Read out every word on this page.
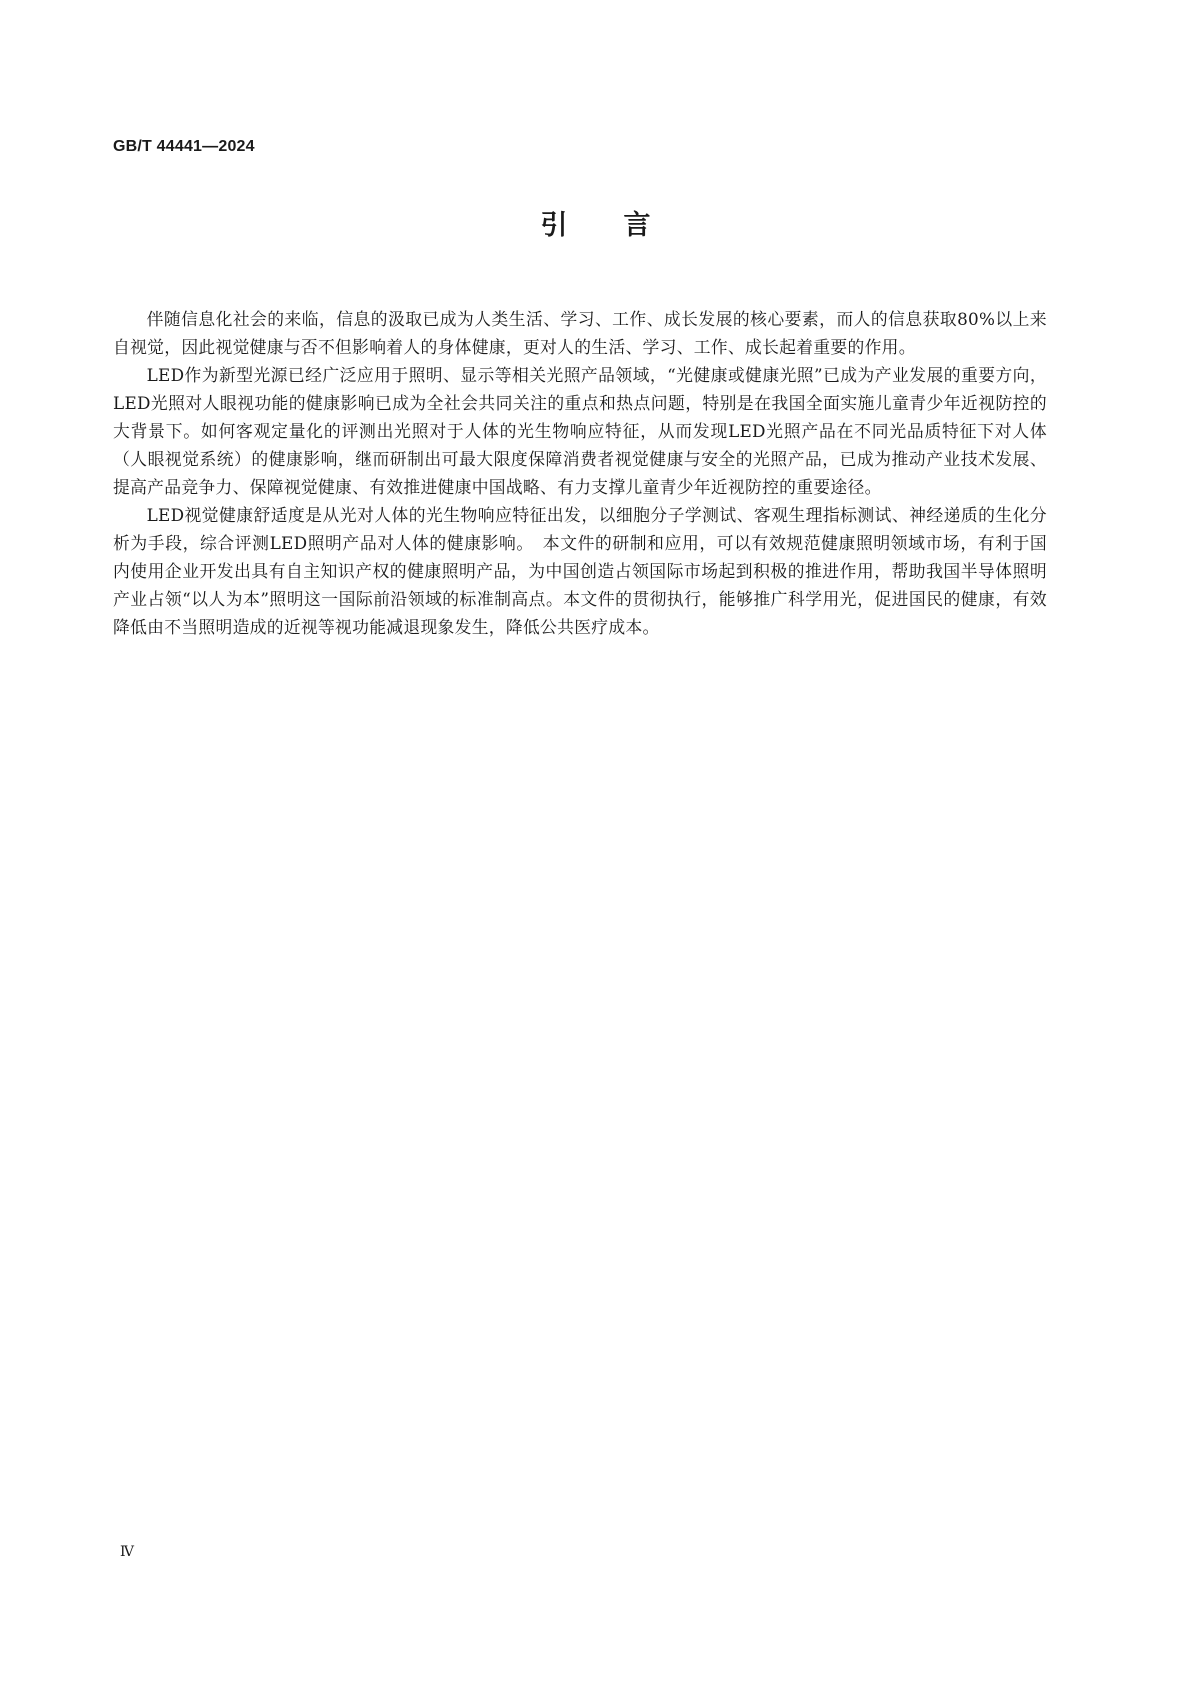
GB/T 44441—2024

引言

伴随信息化社会的来临，信息的汲取已成为人类生活、学习、工作、成长发展的核心要素，而人的信息获取80%以上来自视觉，因此视觉健康与否不但影响着人的身体健康，更对人的生活、学习、工作、成长起着重要的作用。

LED作为新型光源已经广泛应用于照明、显示等相关光照产品领域，“光健康或健康光照”已成为产业发展的重要方向，LED光照对人眼视功能的健康影响已成为全社会共同关注的重点和热点问题，特别是在我国全面实施儿童青少年近视防控的大背景下。如何客观定量化的评测出光照对于人体的光生物响应特征，从而发现LED光照产品在不同光品质特征下对人体（人眼视觉系统）的健康影响，继而研制出可最大限度保障消费者视觉健康与安全的光照产品，已成为推动产业技术发展、提高产品竞争力、保障视觉健康、有效推进健康中国战略、有力支撑儿童青少年近视防控的重要途径。

LED视觉健康舒适度是从光对人体的光生物响应特征出发，以细胞分子学测试、客观生理指标测试、神经递质的生化分析为手段，综合评测LED照明产品对人体的健康影响。　本文件的研制和应用，可以有效规范健康照明领域市场，有利于国内使用企业开发出具有自主知识产权的健康照明产品，为中国创造占领国际市场起到积极的推进作用，帮助我国半导体照明产业占领“以人为本”照明这一国际前沿领域的标准制高点。本文件的贯彻执行，能够推广科学用光，促进国民的健康，有效降低由不当照明造成的近视等视功能减退现象发生，降低公共医疗成本。

Ⅳ
